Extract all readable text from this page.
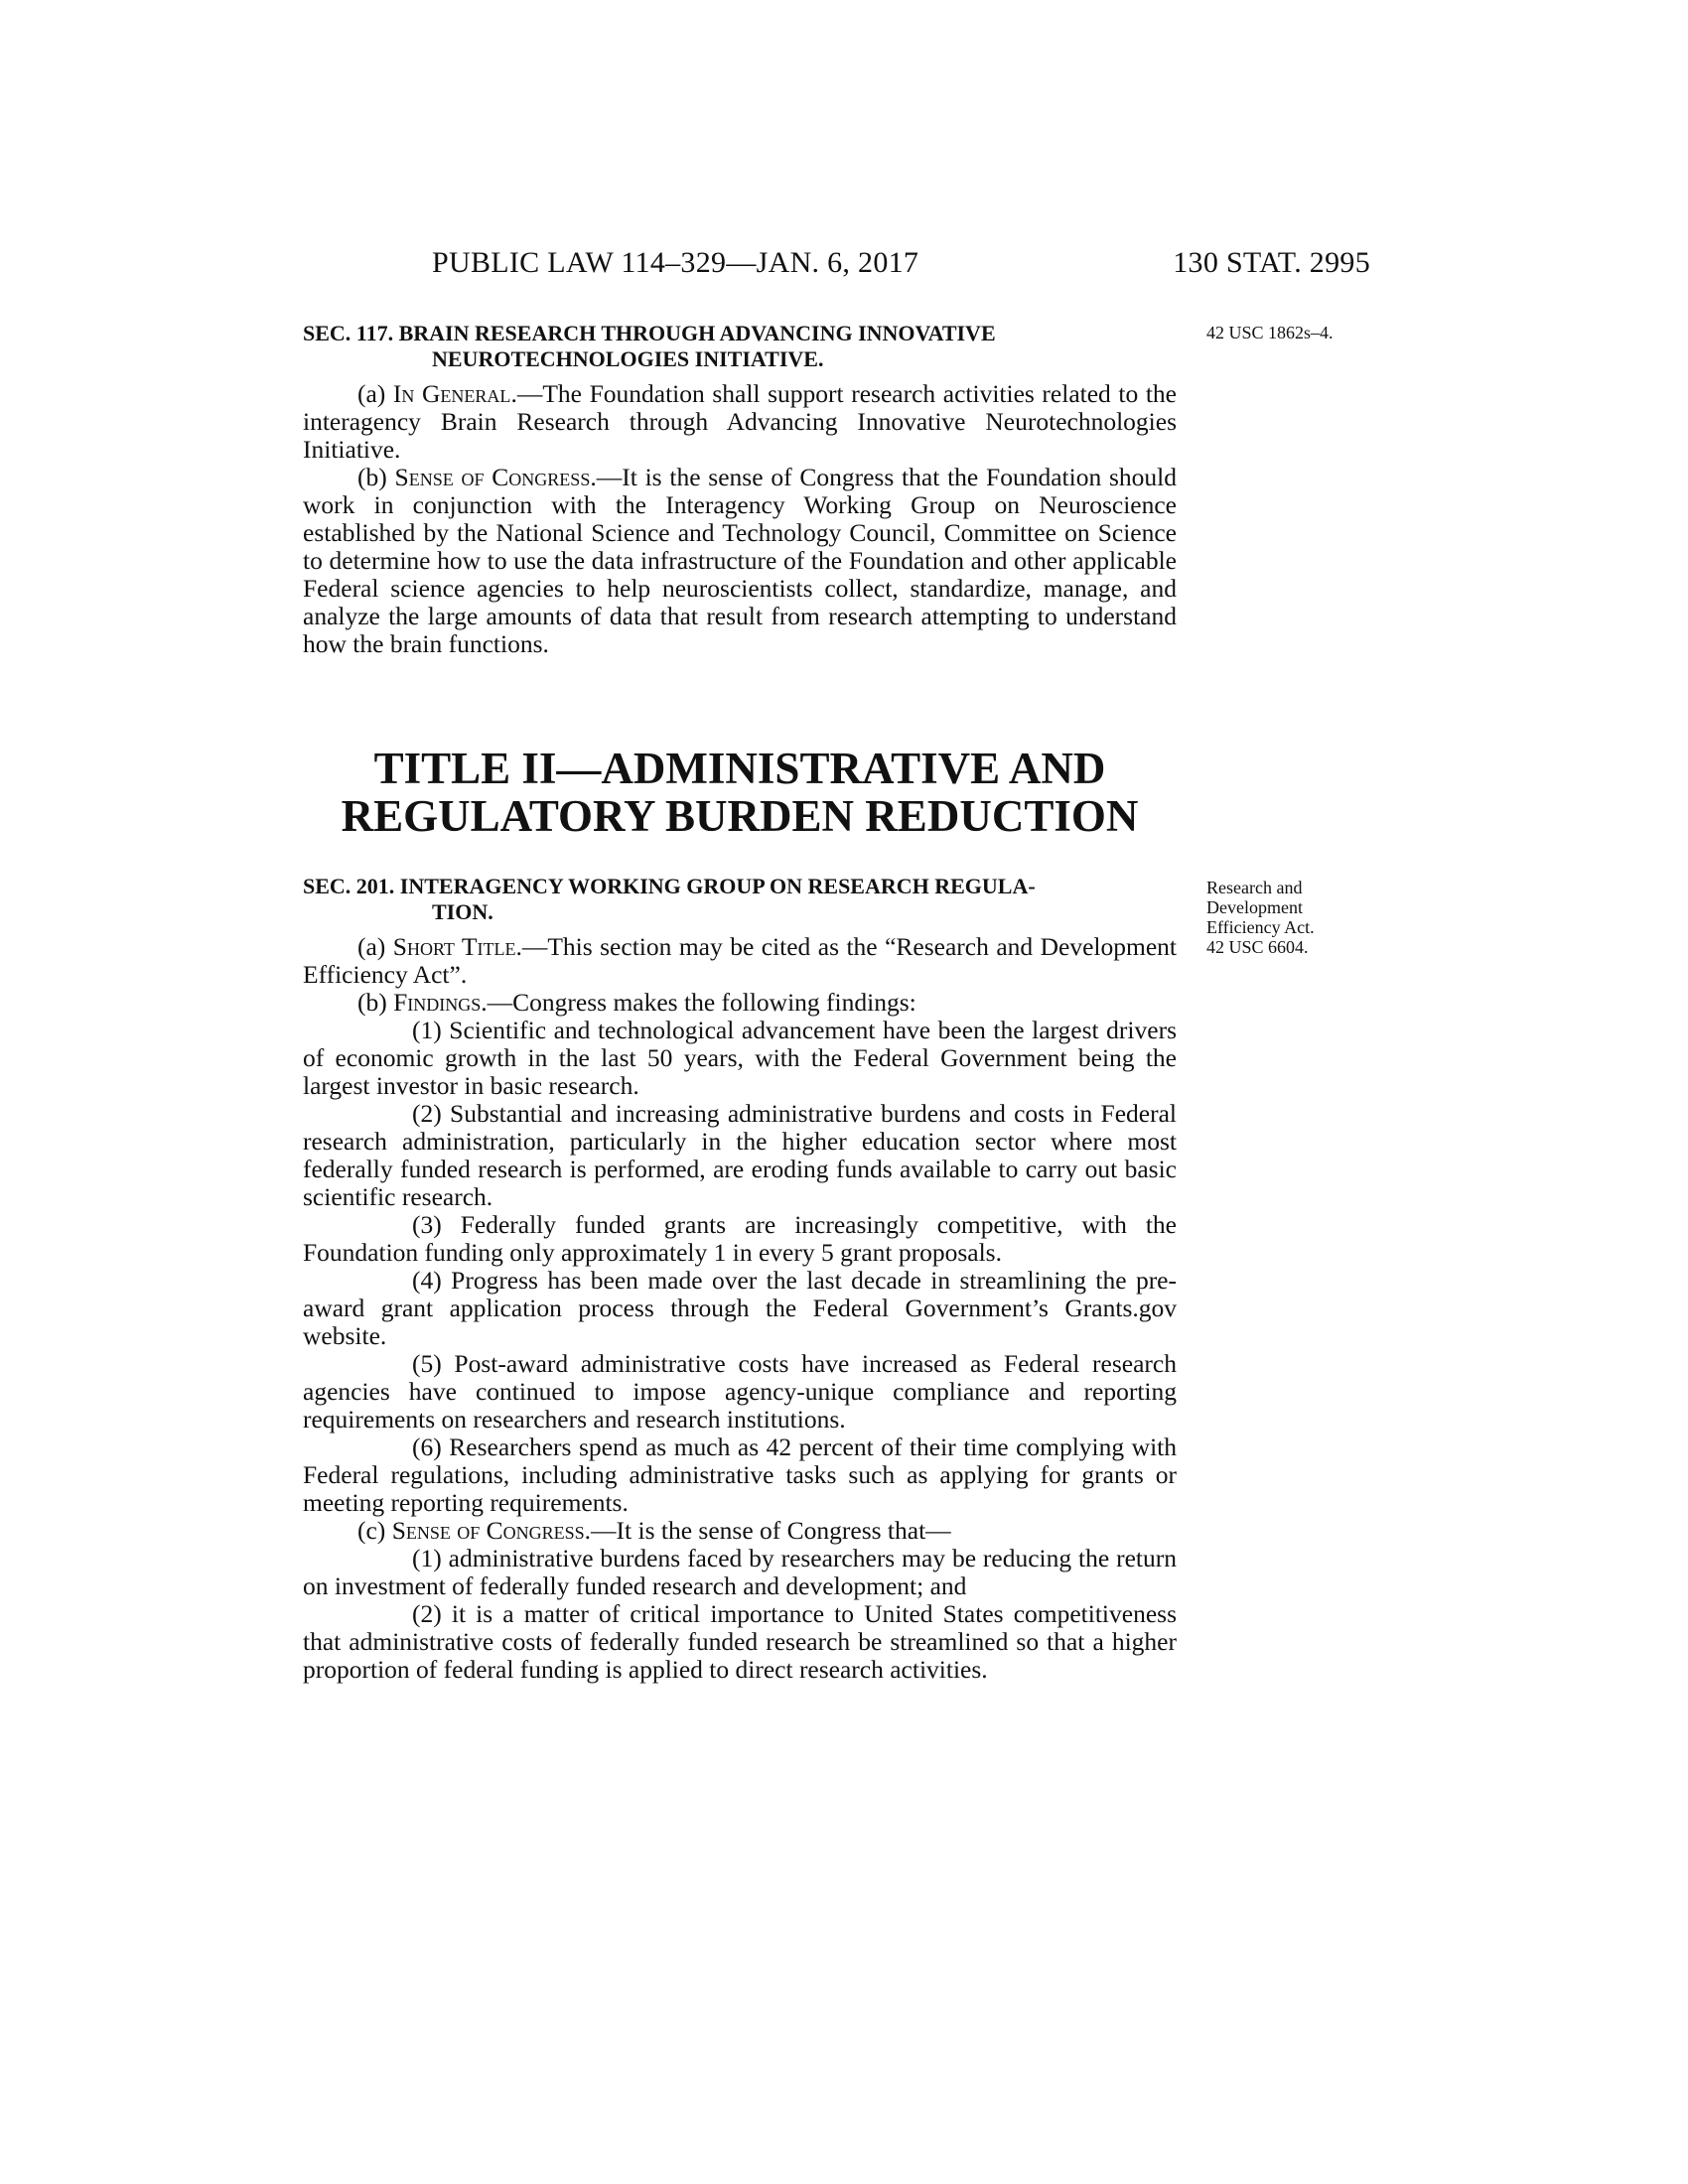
PUBLIC LAW 114–329—JAN. 6, 2017	130 STAT. 2995
42 USC 1862s–4.
SEC. 117. BRAIN RESEARCH THROUGH ADVANCING INNOVATIVE
NEUROTECHNOLOGIES INITIATIVE.

(a) In General.—The Foundation shall support research activities related to the interagency Brain Research through Advancing Innovative Neurotechnologies Initiative.

(b) Sense of Congress.—It is the sense of Congress that the Foundation should work in conjunction with the Interagency Working Group on Neuroscience established by the National Science and Technology Council, Committee on Science to determine how to use the data infrastructure of the Foundation and other applicable Federal science agencies to help neuroscientists collect, standardize, manage, and analyze the large amounts of data that result from research attempting to understand how the brain functions.

TITLE II—ADMINISTRATIVE AND
REGULATORY BURDEN REDUCTION
Research and
Development
Efficiency Act.
42 USC 6604.
SEC. 201. INTERAGENCY WORKING GROUP ON RESEARCH REGULA-
TION.

(a) Short Title.—This section may be cited as the “Research and Development Efficiency Act”.

(b) Findings.—Congress makes the following findings:

(1) Scientific and technological advancement have been the largest drivers of economic growth in the last 50 years, with the Federal Government being the largest investor in basic research.

(2) Substantial and increasing administrative burdens and costs in Federal research administration, particularly in the higher education sector where most federally funded research is performed, are eroding funds available to carry out basic scientific research.

(3) Federally funded grants are increasingly competitive, with the Foundation funding only approximately 1 in every 5 grant proposals.

(4) Progress has been made over the last decade in streamlining the pre-award grant application process through the Federal Government’s Grants.gov website.

(5) Post-award administrative costs have increased as Federal research agencies have continued to impose agency-unique compliance and reporting requirements on researchers and research institutions.

(6) Researchers spend as much as 42 percent of their time complying with Federal regulations, including administrative tasks such as applying for grants or meeting reporting requirements.

(c) Sense of Congress.—It is the sense of Congress that—

(1) administrative burdens faced by researchers may be reducing the return on investment of federally funded research and development; and

(2) it is a matter of critical importance to United States competitiveness that administrative costs of federally funded research be streamlined so that a higher proportion of federal funding is applied to direct research activities.
